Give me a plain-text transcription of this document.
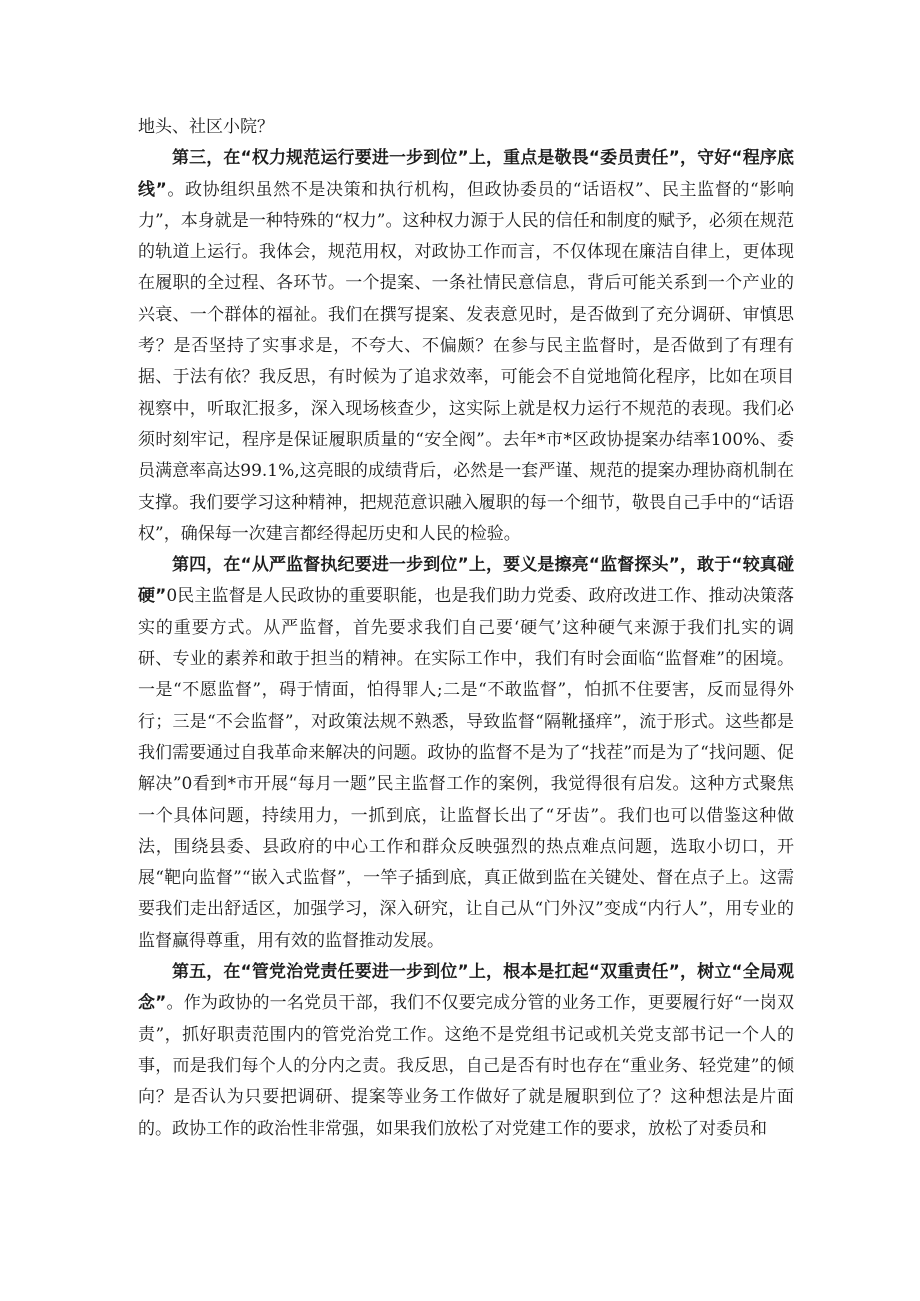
地头、社区小院？

第三，在“权力规范运行要进一步到位”上，重点是敬畏“委员责任”，守好“程序底线”。政协组织虽然不是决策和执行机构，但政协委员的“话语权”、民主监督的“影响力”，本身就是一种特殊的“权力”。这种权力源于人民的信任和制度的赋予，必须在规范的轨道上运行。我体会，规范用权，对政协工作而言，不仅体现在廉洁自律上，更体现在履职的全过程、各环节。一个提案、一条社情民意信息，背后可能关系到一个产业的兴衰、一个群体的福祉。我们在撰写提案、发表意见时，是否做到了充分调研、审慎思考？是否坚持了实事求是，不夸大、不偏颇？在参与民主监督时，是否做到了有理有据、于法有依？我反思，有时候为了追求效率，可能会不自觉地简化程序，比如在项目视察中，听取汇报多，深入现场核查少，这实际上就是权力运行不规范的表现。我们必须时刻牢记，程序是保证履职质量的“安全阀”。去年*市*区政协提案办结率100%、委员满意率高达99.1%,这亮眼的成绩背后，必然是一套严谨、规范的提案办理协商机制在支撑。我们要学习这种精神，把规范意识融入履职的每一个细节，敬畏自己手中的“话语权”，确保每一次建言都经得起历史和人民的检验。

第四，在“从严监督执纪要进一步到位”上，要义是擦亮“监督探头”，敢于“较真碰硬”0民主监督是人民政协的重要职能，也是我们助力党委、政府改进工作、推动决策落实的重要方式。从严监督，首先要求我们自己要‘硬气’这种硬气来源于我们扎实的调研、专业的素养和敢于担当的精神。在实际工作中，我们有时会面临“监督难”的困境。一是“不愿监督”，碍于情面，怕得罪人;二是“不敢监督”，怕抓不住要害，反而显得外行；三是“不会监督”，对政策法规不熟悉，导致监督“隔靴搔痒”，流于形式。这些都是我们需要通过自我革命来解决的问题。政协的监督不是为了“找茬”而是为了“找问题、促解决”0看到*市开展“每月一题”民主监督工作的案例，我觉得很有启发。这种方式聚焦一个具体问题，持续用力，一抓到底，让监督长出了“牙齿”。我们也可以借鉴这种做法，围绕县委、县政府的中心工作和群众反映强烈的热点难点问题，选取小切口，开展“靶向监督”“嵌入式监督”，一竿子插到底，真正做到监在关键处、督在点子上。这需要我们走出舒适区，加强学习，深入研究，让自己从“门外汉”变成“内行人”，用专业的监督赢得尊重，用有效的监督推动发展。

第五，在“管党治党责任要进一步到位”上，根本是扛起“双重责任”，树立“全局观念”。作为政协的一名党员干部，我们不仅要完成分管的业务工作，更要履行好“一岗双责”，抓好职责范围内的管党治党工作。这绝不是党组书记或机关党支部书记一个人的事，而是我们每个人的分内之责。我反思，自己是否有时也存在“重业务、轻党建”的倾向？是否认为只要把调研、提案等业务工作做好了就是履职到位了？这种想法是片面的。政协工作的政治性非常强，如果我们放松了对党建工作的要求，放松了对委员和
